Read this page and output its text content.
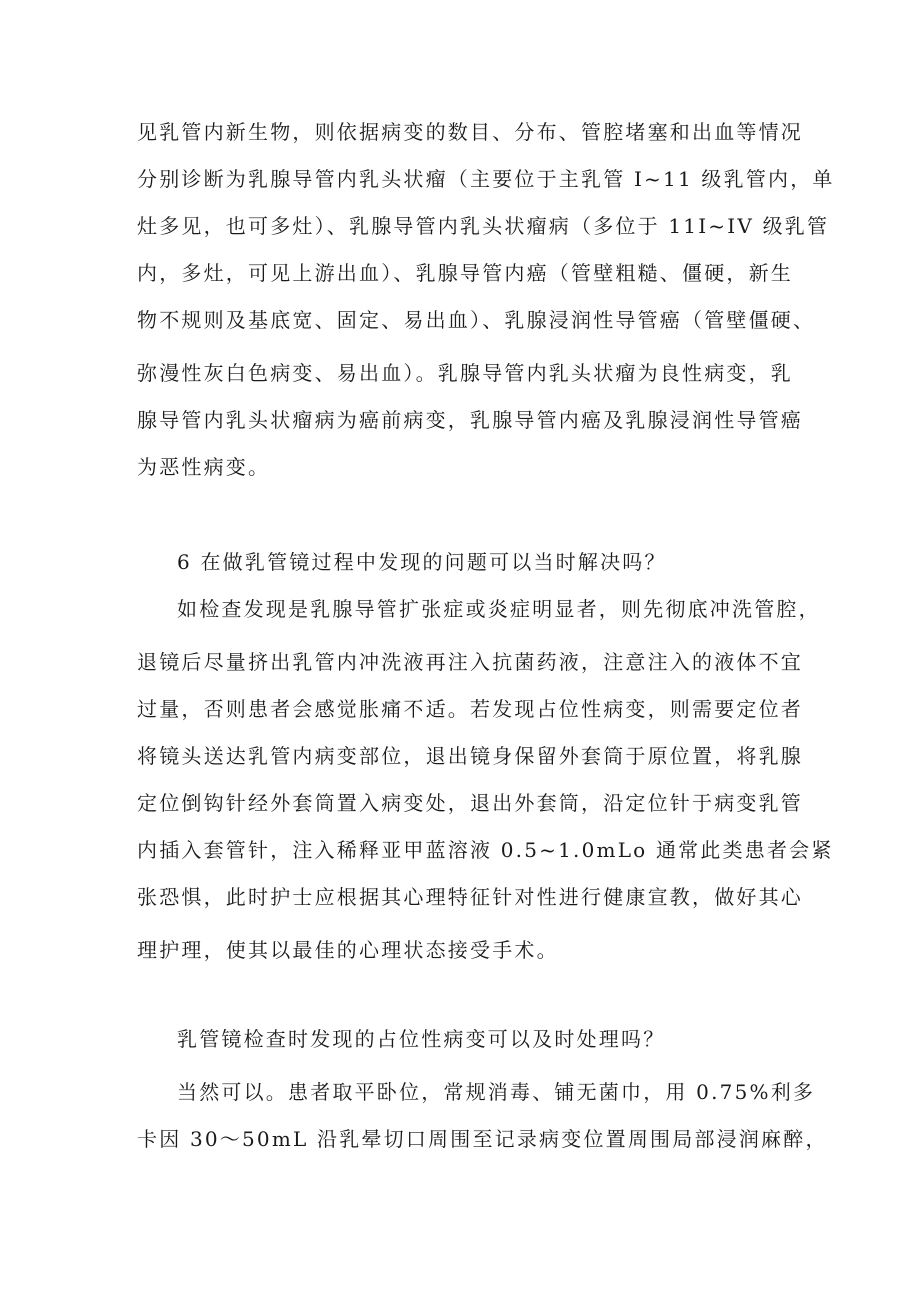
见乳管内新生物，则依据病变的数目、分布、管腔堵塞和出血等情况
分别诊断为乳腺导管内乳头状瘤（主要位于主乳管 I~11 级乳管内，单
灶多见，也可多灶）、乳腺导管内乳头状瘤病（多位于 11I~IV 级乳管
内，多灶，可见上游出血）、乳腺导管内癌（管壁粗糙、僵硬，新生
物不规则及基底宽、固定、易出血）、乳腺浸润性导管癌（管壁僵硬、
弥漫性灰白色病变、易出血）。乳腺导管内乳头状瘤为良性病变，乳
腺导管内乳头状瘤病为癌前病变，乳腺导管内癌及乳腺浸润性导管癌
为恶性病变。
6 在做乳管镜过程中发现的问题可以当时解决吗？
如检查发现是乳腺导管扩张症或炎症明显者，则先彻底冲洗管腔，
退镜后尽量挤出乳管内冲洗液再注入抗菌药液，注意注入的液体不宜
过量，否则患者会感觉胀痛不适。若发现占位性病变，则需要定位者
将镜头送达乳管内病变部位，退出镜身保留外套筒于原位置，将乳腺
定位倒钩针经外套筒置入病变处，退出外套筒，沿定位针于病变乳管
内插入套管针，注入稀释亚甲蓝溶液 0.5~1.0mLo 通常此类患者会紧
张恐惧，此时护士应根据其心理特征针对性进行健康宣教，做好其心
理护理，使其以最佳的心理状态接受手术。
乳管镜检查时发现的占位性病变可以及时处理吗？
当然可以。患者取平卧位，常规消毒、铺无菌巾，用 0.75%利多
卡因 30～50mL 沿乳晕切口周围至记录病变位置周围局部浸润麻醉，
